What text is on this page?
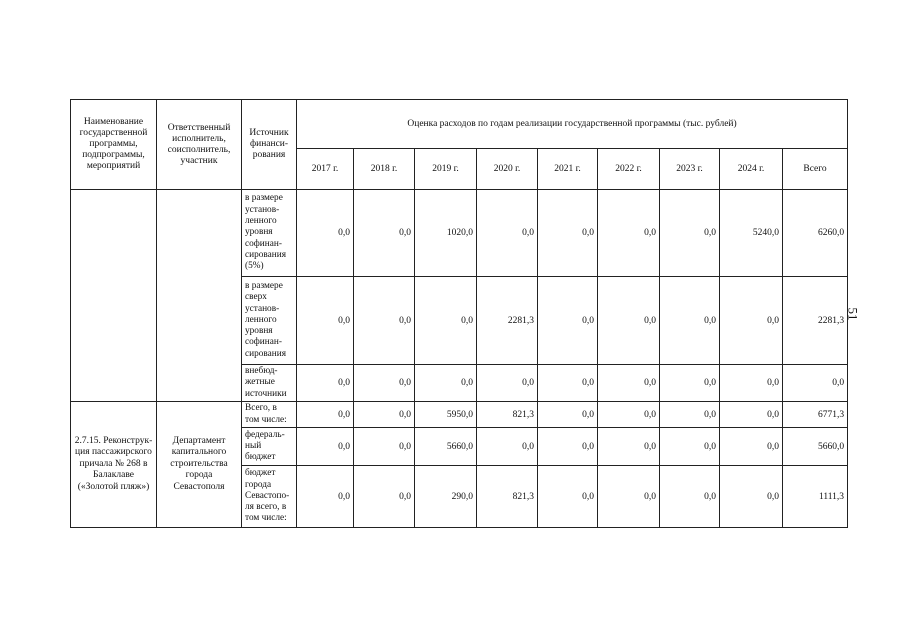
51
Наименование государственной программы, подпрограммы, мероприятий	Ответственный исполнитель, соисполнитель, участник	Источник финанси-рования	Оценка расходов по годам реализации государственной программы (тыс. рублей)								
			2017 г.	2018 г.	2019 г.	2020 г.	2021 г.	2022 г.	2023 г.	2024 г.	Всего
		в размере установ-ленного уровня софинан-сирования (5%)	0,0	0,0	1020,0	0,0	0,0	0,0	0,0	5240,0	6260,0
		в размере сверх установ-ленного уровня софинан-сирования	0,0	0,0	0,0	2281,3	0,0	0,0	0,0	0,0	2281,3
		внебюд-жетные источники	0,0	0,0	0,0	0,0	0,0	0,0	0,0	0,0	0,0
2.7.15. Реконструк-ция пассажирского причала № 268 в Балаклаве («Золотой пляж»)	Департамент капитального строительства города Севастополя	Всего, в том числе:	0,0	0,0	5950,0	821,3	0,0	0,0	0,0	0,0	6771,3
		федераль-ный бюджет	0,0	0,0	5660,0	0,0	0,0	0,0	0,0	0,0	5660,0
		бюджет города Севастопо-ля всего, в том числе:	0,0	0,0	290,0	821,3	0,0	0,0	0,0	0,0	1111,3
